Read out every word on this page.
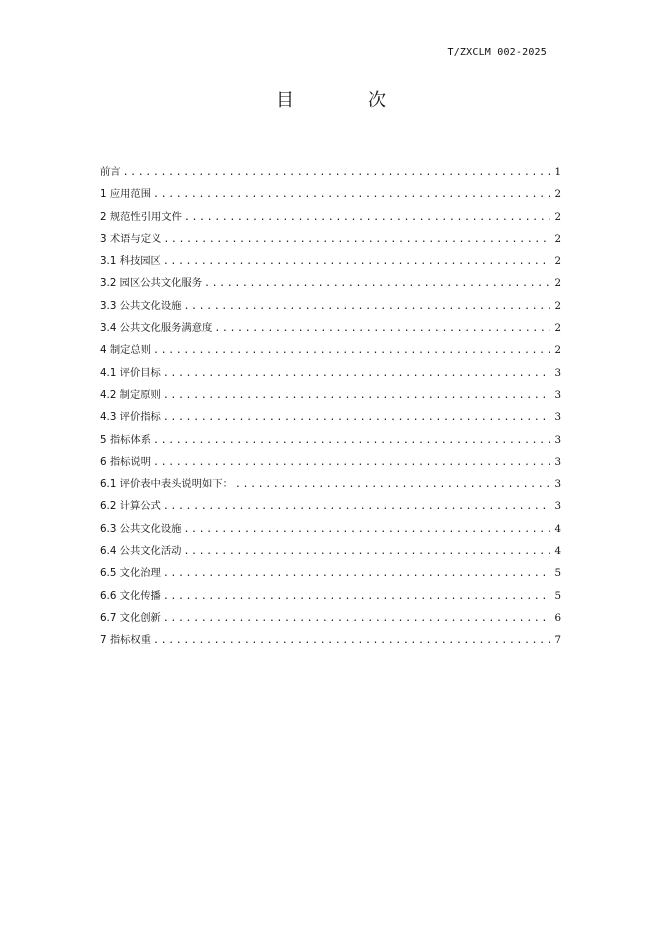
T/ZXCLM 002-2025
目	次
前言 .....	1
1 应用范围 .....	2
2 规范性引用文件 .....	2
3 术语与定义 .....	2
3.1 科技园区 .....	2
3.2 园区公共文化服务 .....	2
3.3 公共文化设施 .....	2
3.4 公共文化服务满意度 .....	2
4 制定总则 .....	2
4.1 评价目标 .....	3
4.2 制定原则 .....	3
4.3 评价指标 .....	3
5 指标体系 .....	3
6 指标说明 .....	3
6.1 评价表中表头说明如下： .....	3
6.2 计算公式 .....	3
6.3 公共文化设施 .....	4
6.4 公共文化活动 .....	4
6.5 文化治理 .....	5
6.6 文化传播 .....	5
6.7 文化创新 .....	6
7 指标权重 .....	7
